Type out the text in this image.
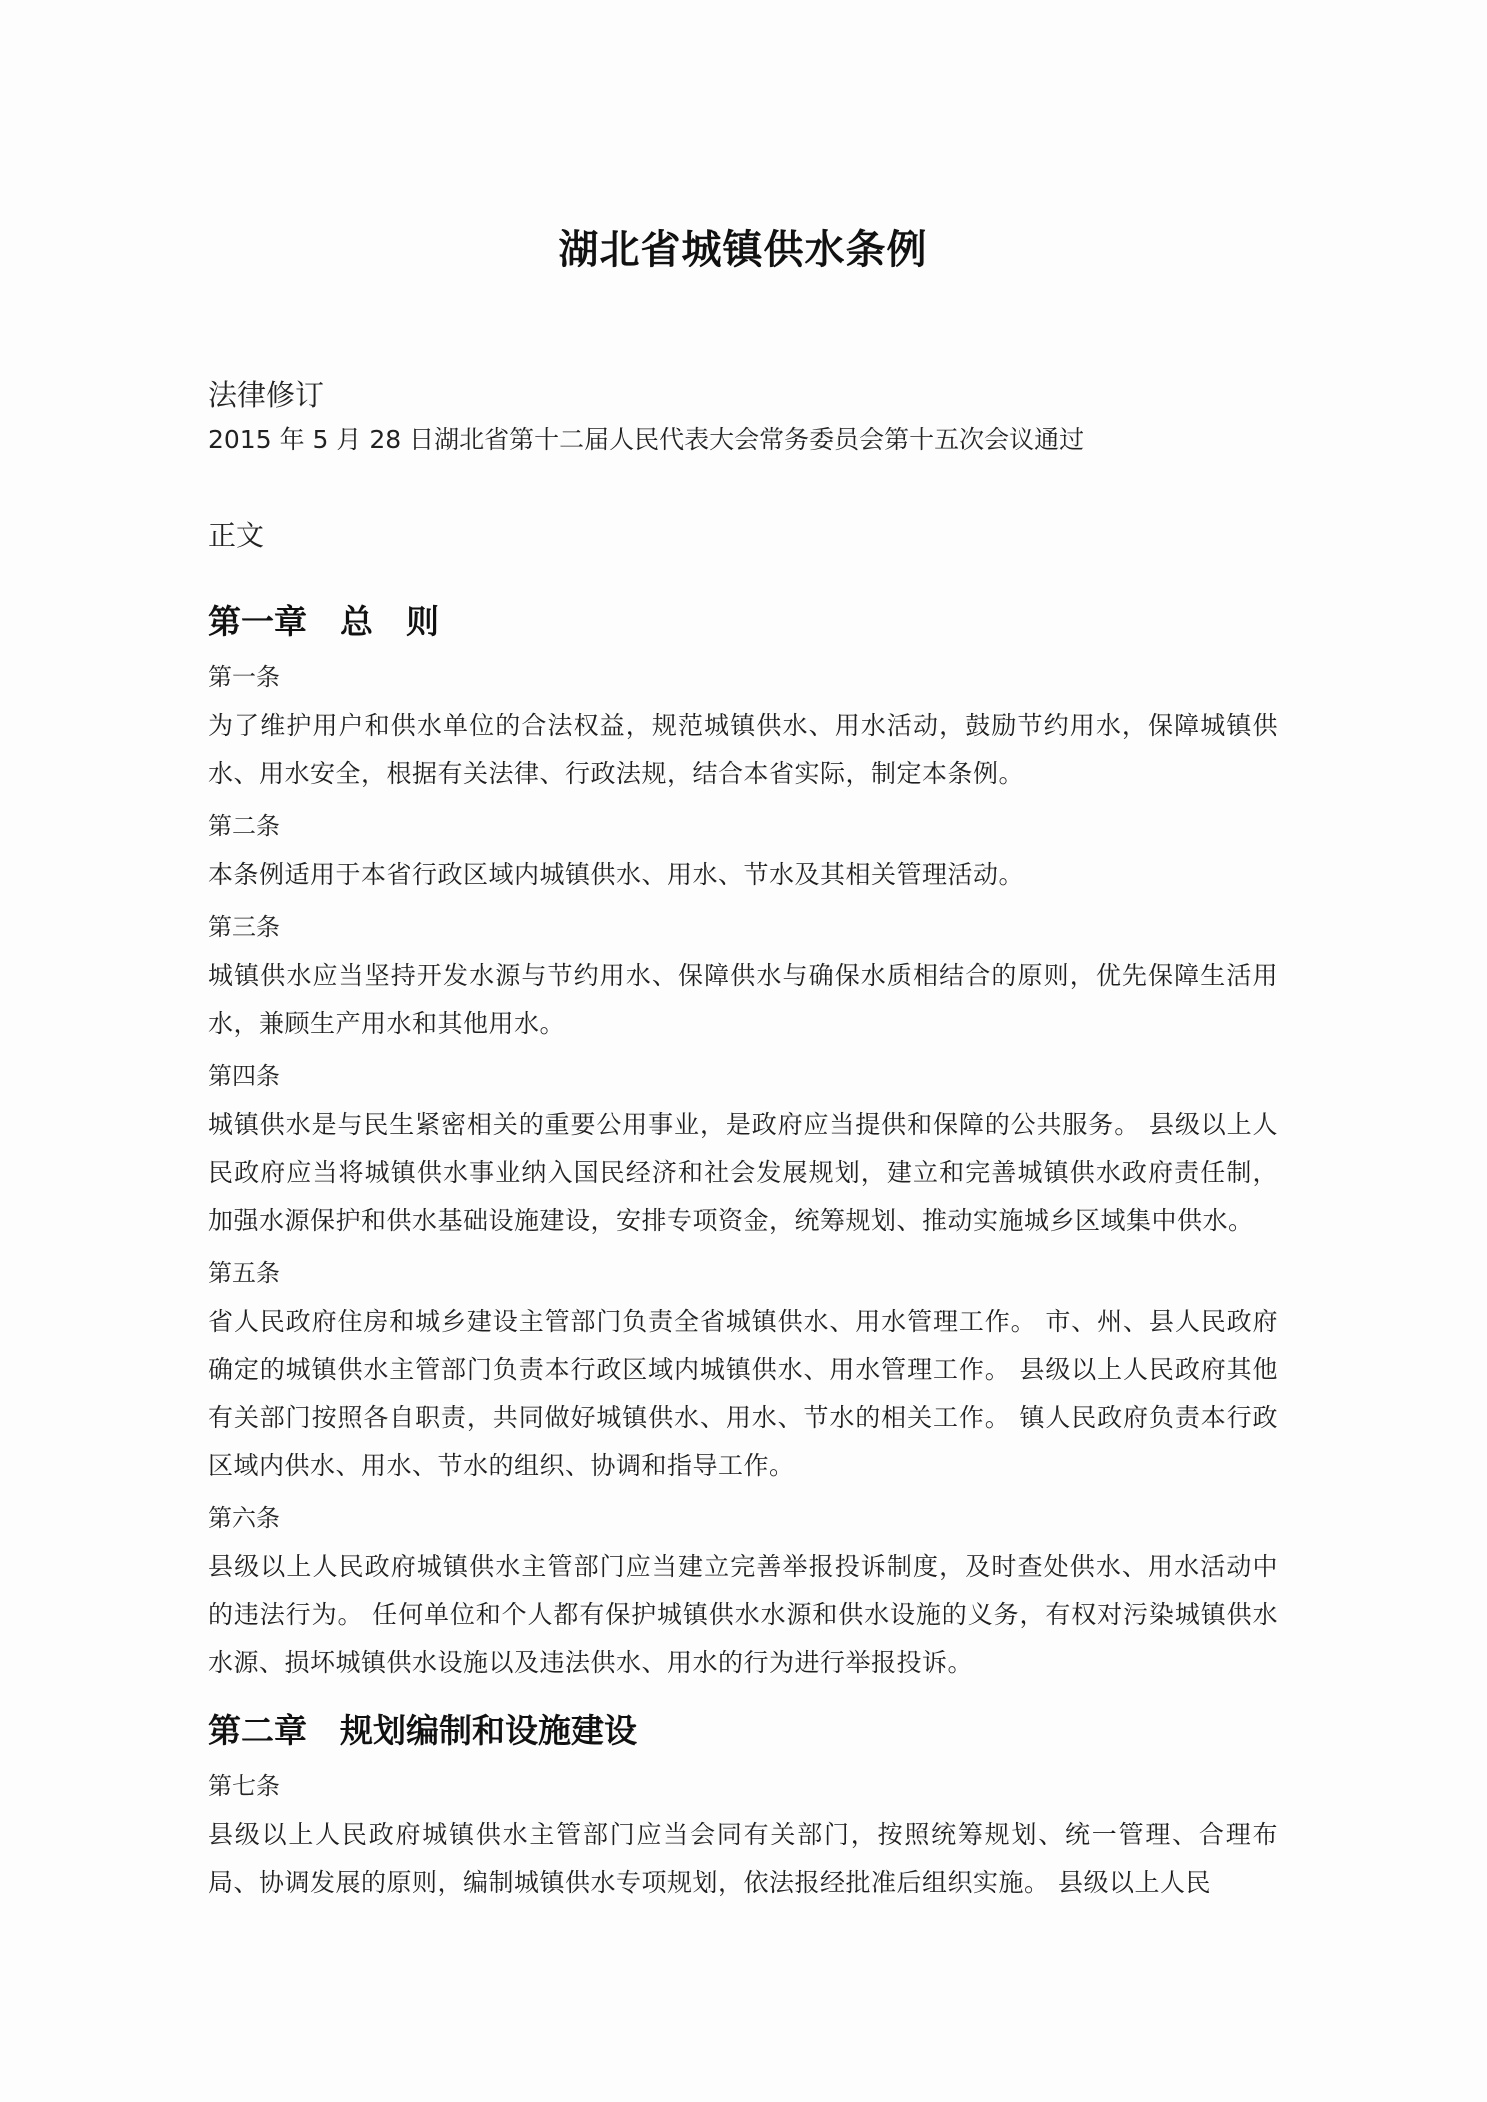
湖北省城镇供水条例

法律修订

2015 年 5 月 28 日湖北省第十二届人民代表大会常务委员会第十五次会议通过

正文

第一章　总　则

第一条

为了维护用户和供水单位的合法权益，规范城镇供水、用水活动，鼓励节约用水，保障城镇供水、用水安全，根据有关法律、行政法规，结合本省实际，制定本条例。

第二条

本条例适用于本省行政区域内城镇供水、用水、节水及其相关管理活动。

第三条

城镇供水应当坚持开发水源与节约用水、保障供水与确保水质相结合的原则，优先保障生活用水，兼顾生产用水和其他用水。

第四条

城镇供水是与民生紧密相关的重要公用事业，是政府应当提供和保障的公共服务。 县级以上人民政府应当将城镇供水事业纳入国民经济和社会发展规划，建立和完善城镇供水政府责任制，加强水源保护和供水基础设施建设，安排专项资金，统筹规划、推动实施城乡区域集中供水。

第五条

省人民政府住房和城乡建设主管部门负责全省城镇供水、用水管理工作。 市、州、县人民政府确定的城镇供水主管部门负责本行政区域内城镇供水、用水管理工作。 县级以上人民政府其他有关部门按照各自职责，共同做好城镇供水、用水、节水的相关工作。 镇人民政府负责本行政区域内供水、用水、节水的组织、协调和指导工作。

第六条

县级以上人民政府城镇供水主管部门应当建立完善举报投诉制度，及时查处供水、用水活动中的违法行为。 任何单位和个人都有保护城镇供水水源和供水设施的义务，有权对污染城镇供水水源、损坏城镇供水设施以及违法供水、用水的行为进行举报投诉。

第二章　规划编制和设施建设

第七条

县级以上人民政府城镇供水主管部门应当会同有关部门，按照统筹规划、统一管理、合理布局、协调发展的原则，编制城镇供水专项规划，依法报经批准后组织实施。 县级以上人民
